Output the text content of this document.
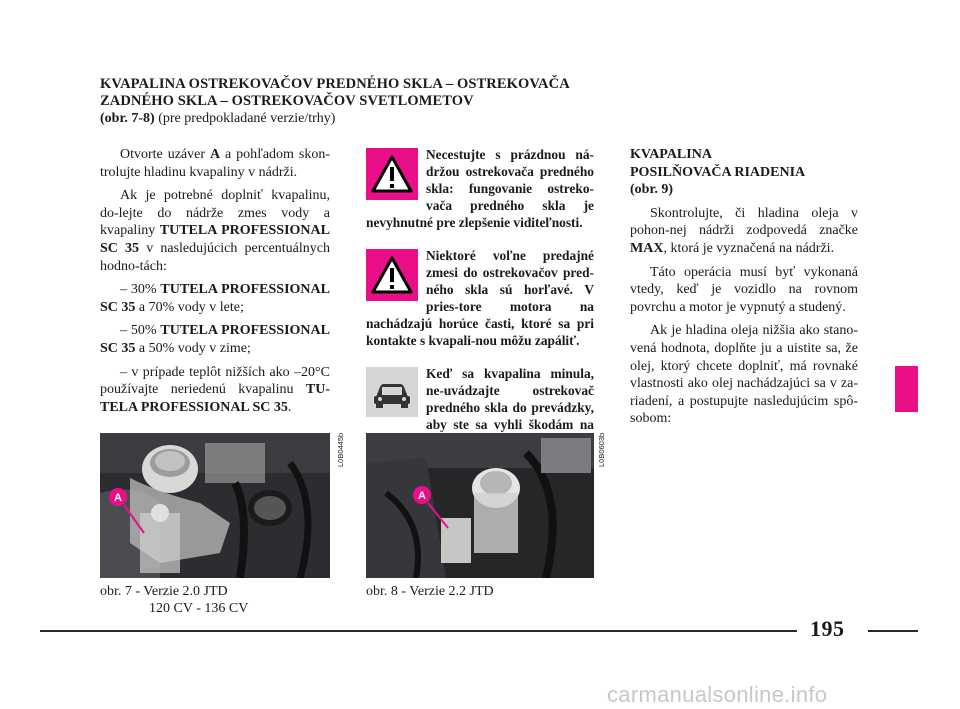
KVAPALINA OSTREKOVAČOV PREDNÉHO SKLA – OSTREKOVAČA
ZADNÉHO SKLA – OSTREKOVAČOV SVETLOMETOV
(obr. 7-8) (pre predpokladané verzie/trhy)

Otvorte uzáver A a pohľadom skon-trolujte hladinu kvapaliny v nádrži.

Ak je potrebné doplniť kvapalinu, do-lejte do nádrže zmes vody a kvapaliny TUTELA PROFESSIONAL SC 35 v nasledujúcich percentuálnych hodno-tách:

– 30% TUTELA PROFESSIONAL SC 35 a 70% vody v lete;

– 50% TUTELA PROFESSIONAL SC 35 a 50% vody v zime;

– v prípade teplôt nižších ako –20°C používajte neriedenú kvapalinu TU-TELA PROFESSIONAL SC 35.

Necestujte s prázdnou ná-držou ostrekovača predného skla: fungovanie ostreko-vača predného skla je nevyhnutné pre zlepšenie viditeľnosti.
Niektoré voľne predajné zmesi do ostrekovačov pred-ného skla sú horľavé. V pries-tore motora na nachádzajú horúce časti, ktoré sa pri kontakte s kvapali-nou môžu zapáliť.
Keď sa kvapalina minula, ne-uvádzajte ostrekovač predného skla do prevádzky, aby ste sa vyhli škodám na
KVAPALINA
POSILŇOVAČA RIADENIA
(obr. 9)

Skontrolujte, či hladina oleja v pohon-nej nádrži zodpovedá značke MAX, ktorá je vyznačená na nádrži.

Táto operácia musí byť vykonaná vtedy, keď je vozidlo na rovnom povrchu a motor je vypnutý a studený.

Ak je hladina oleja nižšia ako stano-vená hodnota, doplňte ju a uistite sa, že olej, ktorý chcete doplniť, má rovnaké vlastnosti ako olej nachádzajúci sa v za-riadení, a postupujte nasledujúcim spô-sobom:

A
L0B0445b
A
L0B0603b
obr. 7 - Verzie 2.0 JTD
120 CV - 136 CV
obr. 8 - Verzie 2.2 JTD
195
carmanualsonline.info
